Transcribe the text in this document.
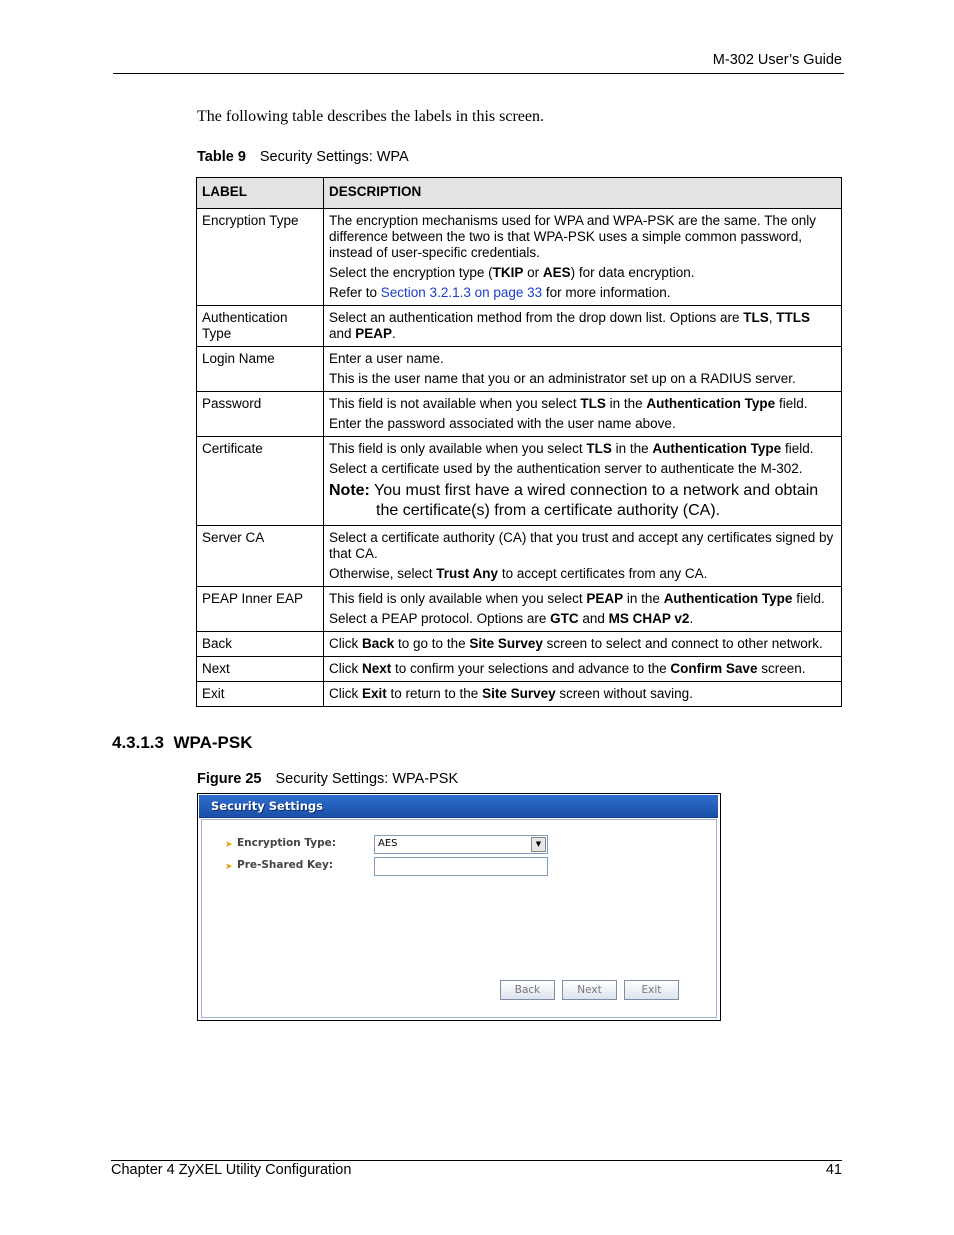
M-302 User’s Guide
The following table describes the labels in this screen.
Table 9 Security Settings: WPA
LABEL	DESCRIPTION
Encryption Type	The encryption mechanisms used for WPA and WPA-PSK are the same. The only difference between the two is that WPA-PSK uses a simple common password, instead of user-specific credentials.

Select the encryption type (TKIP or AES) for data encryption.

Refer to Section 3.2.1.3 on page 33 for more information.

Authentication Type	Select an authentication method from the drop down list. Options are TLS, TTLS and PEAP.

Login Name	Enter a user name.

This is the user name that you or an administrator set up on a RADIUS server.

Password	This field is not available when you select TLS in the Authentication Type field.

Enter the password associated with the user name above.

Certificate	This field is only available when you select TLS in the Authentication Type field.

Select a certificate used by the authentication server to authenticate the M-302.

Note: You must first have a wired connection to a network and obtain the certificate(s) from a certificate authority (CA).

Server CA	Select a certificate authority (CA) that you trust and accept any certificates signed by that CA.

Otherwise, select Trust Any to accept certificates from any CA.

PEAP Inner EAP	This field is only available when you select PEAP in the Authentication Type field.

Select a PEAP protocol. Options are GTC and MS CHAP v2.

Back	Click Back to go to the Site Survey screen to select and connect to other network.

Next	Click Next to confirm your selections and advance to the Confirm Save screen.

Exit	Click Exit to return to the Site Survey screen without saving.

4.3.1.3 WPA-PSK
Figure 25 Security Settings: WPA-PSK
Security Settings
➤ Encryption Type:	AES	▼
➤ Pre-Shared Key:
Back	Next	Exit
Chapter 4 ZyXEL Utility Configuration	41
